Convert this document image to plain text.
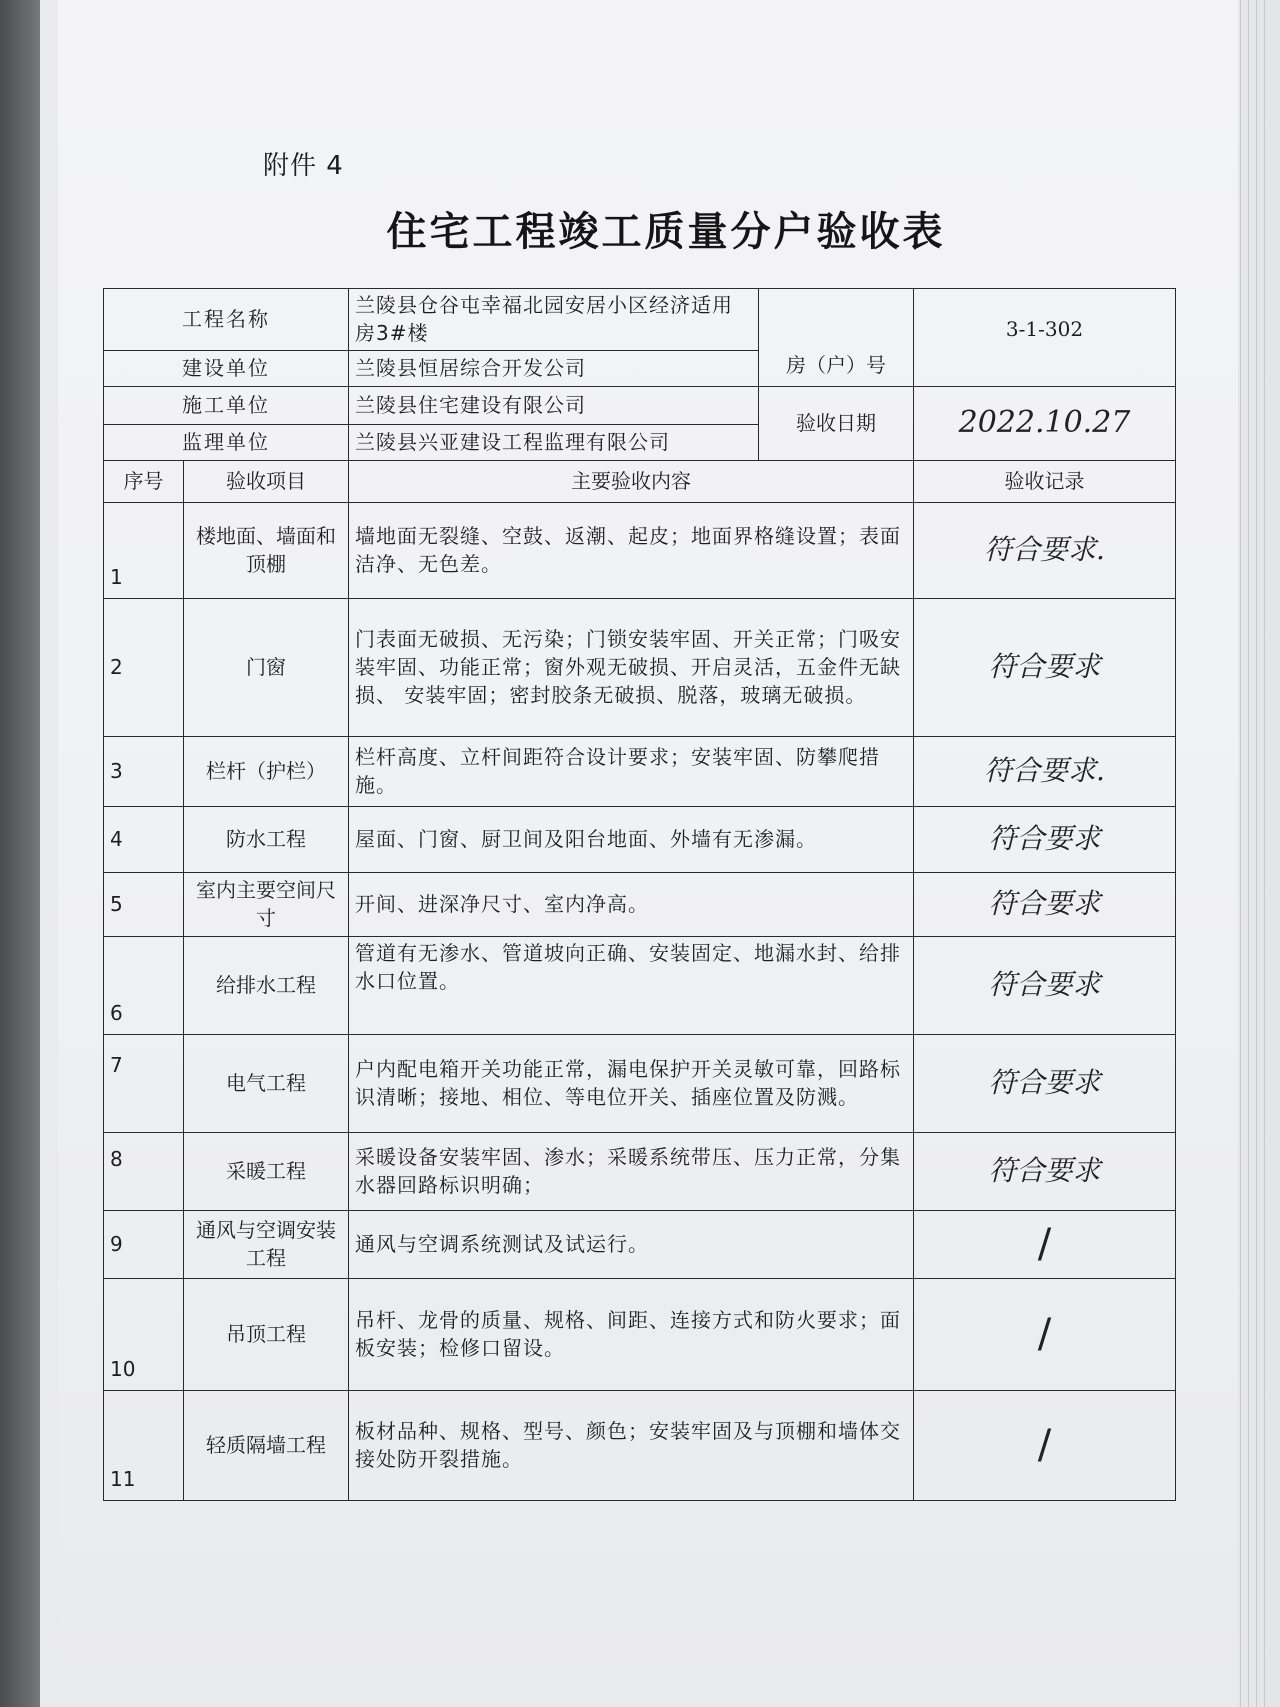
附件 4
住宅工程竣工质量分户验收表
工程名称		兰陵县仓谷屯幸福北园安居小区经济适用房3#楼	房（户）号	3-1-302
建设单位		兰陵县恒居综合开发公司		
施工单位		兰陵县住宅建设有限公司	验收日期	2022.10.27
监理单位		兰陵县兴亚建设工程监理有限公司		
序号	验收项目	主要验收内容		验收记录
1	楼地面、墙面和顶棚	墙地面无裂缝、空鼓、返潮、起皮；地面界格缝设置；表面洁净、无色差。		符合要求.
2	门窗	门表面无破损、无污染；门锁安装牢固、开关正常；门吸安装牢固、功能正常；窗外观无破损、开启灵活，五金件无缺损、 安装牢固；密封胶条无破损、脱落，玻璃无破损。		符合要求
3	栏杆（护栏）	栏杆高度、立杆间距符合设计要求；安装牢固、防攀爬措施。		符合要求.
4	防水工程	屋面、门窗、厨卫间及阳台地面、外墙有无渗漏。		符合要求
5	室内主要空间尺寸	开间、进深净尺寸、室内净高。		符合要求
6	给排水工程	管道有无渗水、管道坡向正确、安装固定、地漏水封、给排水口位置。		符合要求
7	电气工程	户内配电箱开关功能正常，漏电保护开关灵敏可靠，回路标识清晰；接地、相位、等电位开关、插座位置及防溅。		符合要求
8	采暖工程	采暖设备安装牢固、渗水；采暖系统带压、压力正常，分集水器回路标识明确；		符合要求
9	通风与空调安装工程	通风与空调系统测试及试运行。		/
10	吊顶工程	吊杆、龙骨的质量、规格、间距、连接方式和防火要求；面板安装；检修口留设。		/
11	轻质隔墙工程	板材品种、规格、型号、颜色；安装牢固及与顶棚和墙体交接处防开裂措施。		/
